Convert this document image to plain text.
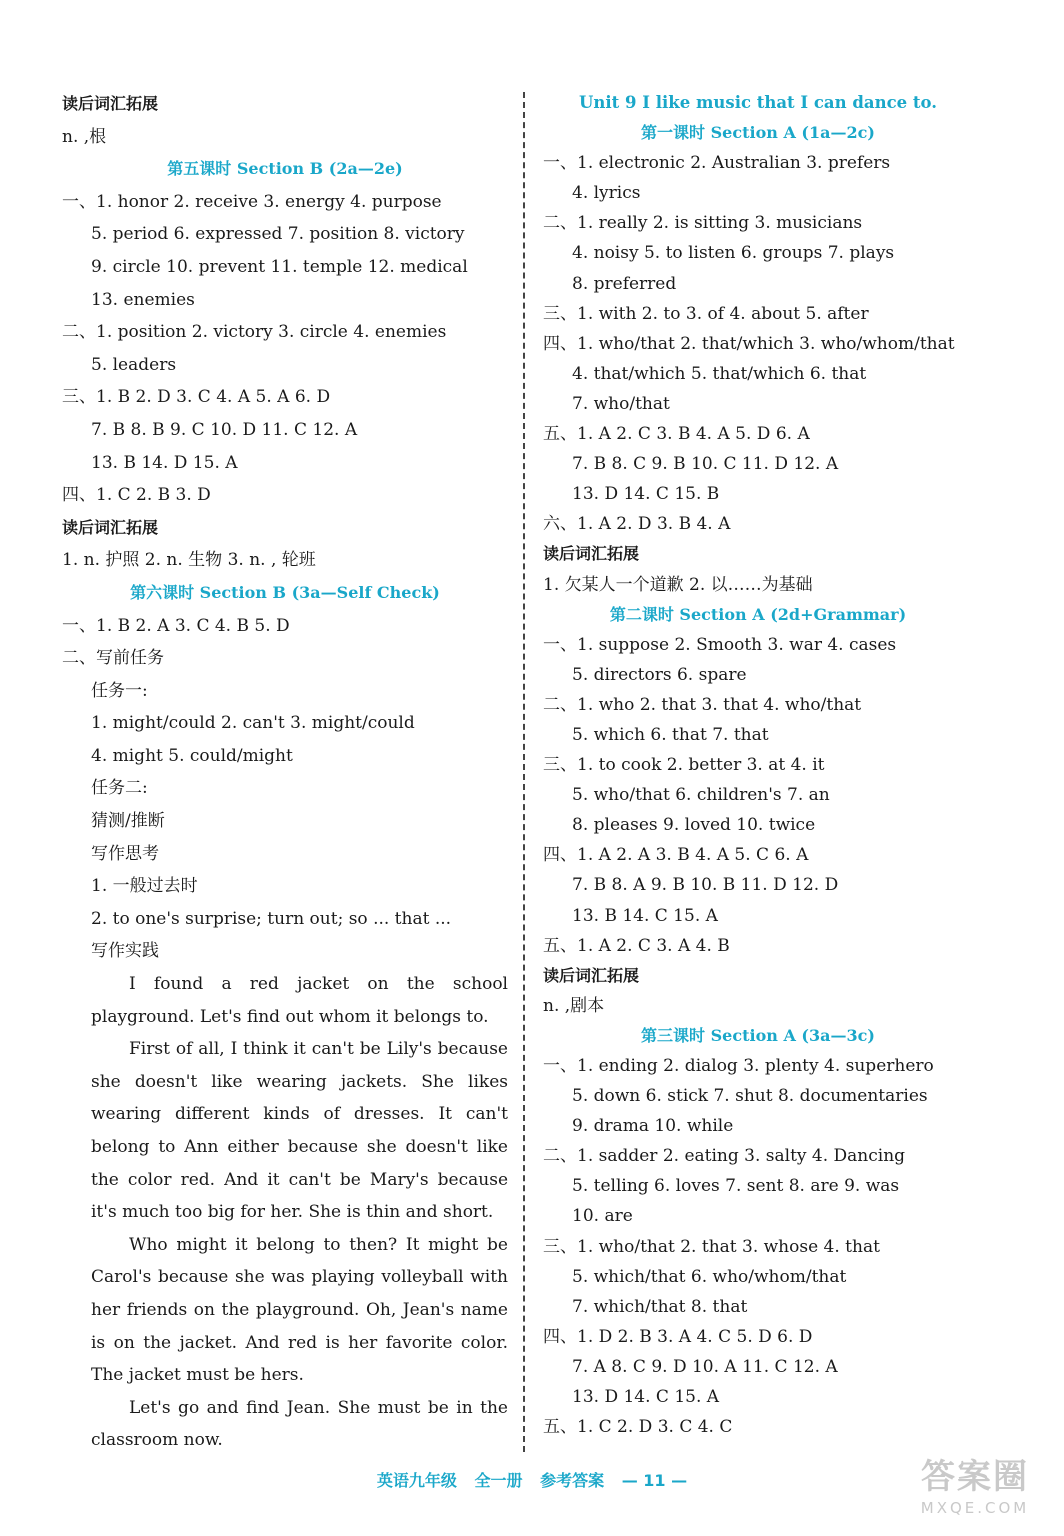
读后词汇拓展
n. ,根
第五课时 Section B (2a—2e)
一、1. honor 2. receive 3. energy 4. purpose
5. period 6. expressed 7. position 8. victory
9. circle 10. prevent 11. temple 12. medical
13. enemies
二、1. position 2. victory 3. circle 4. enemies
5. leaders
三、1. B 2. D 3. C 4. A 5. A 6. D
7. B 8. B 9. C 10. D 11. C 12. A
13. B 14. D 15. A
四、1. C 2. B 3. D
读后词汇拓展
1. n. 护照 2. n. 生物 3. n. , 轮班
第六课时 Section B (3a—Self Check)
一、1. B 2. A 3. C 4. B 5. D
二、写前任务
任务一:
1. might/could 2. can't 3. might/could
4. might 5. could/might
任务二:
猜测/推断
写作思考
1. 一般过去时
2. to one's surprise; turn out; so ... that ...
写作实践

I found a red jacket on the school playground. Let's find out whom it belongs to.

First of all, I think it can't be Lily's because she doesn't like wearing jackets. She likes wearing different kinds of dresses. It can't belong to Ann either because she doesn't like the color red. And it can't be Mary's because it's much too big for her. She is thin and short.

Who might it belong to then? It might be Carol's because she was playing volleyball with her friends on the playground. Oh, Jean's name is on the jacket. And red is her favorite color. The jacket must be hers.

Let's go and find Jean. She must be in the classroom now.

Unit 9 I like music that I can dance to.
第一课时 Section A (1a—2c)
一、1. electronic 2. Australian 3. prefers
4. lyrics
二、1. really 2. is sitting 3. musicians
4. noisy 5. to listen 6. groups 7. plays
8. preferred
三、1. with 2. to 3. of 4. about 5. after
四、1. who/that 2. that/which 3. who/whom/that
4. that/which 5. that/which 6. that
7. who/that
五、1. A 2. C 3. B 4. A 5. D 6. A
7. B 8. C 9. B 10. C 11. D 12. A
13. D 14. C 15. B
六、1. A 2. D 3. B 4. A
读后词汇拓展
1. 欠某人一个道歉 2. 以……为基础
第二课时 Section A (2d+Grammar)
一、1. suppose 2. Smooth 3. war 4. cases
5. directors 6. spare
二、1. who 2. that 3. that 4. who/that
5. which 6. that 7. that
三、1. to cook 2. better 3. at 4. it
5. who/that 6. children's 7. an
8. pleases 9. loved 10. twice
四、1. A 2. A 3. B 4. A 5. C 6. A
7. B 8. A 9. B 10. B 11. D 12. D
13. B 14. C 15. A
五、1. A 2. C 3. A 4. B
读后词汇拓展
n. ,剧本
第三课时 Section A (3a—3c)
一、1. ending 2. dialog 3. plenty 4. superhero
5. down 6. stick 7. shut 8. documentaries
9. drama 10. while
二、1. sadder 2. eating 3. salty 4. Dancing
5. telling 6. loves 7. sent 8. are 9. was
10. are
三、1. who/that 2. that 3. whose 4. that
5. which/that 6. who/whom/that
7. which/that 8. that
四、1. D 2. B 3. A 4. C 5. D 6. D
7. A 8. C 9. D 10. A 11. C 12. A
13. D 14. C 15. A
五、1. C 2. D 3. C 4. C
英语九年级 全一册 参考答案 — 11 —	答案圈
MXQE.COM
